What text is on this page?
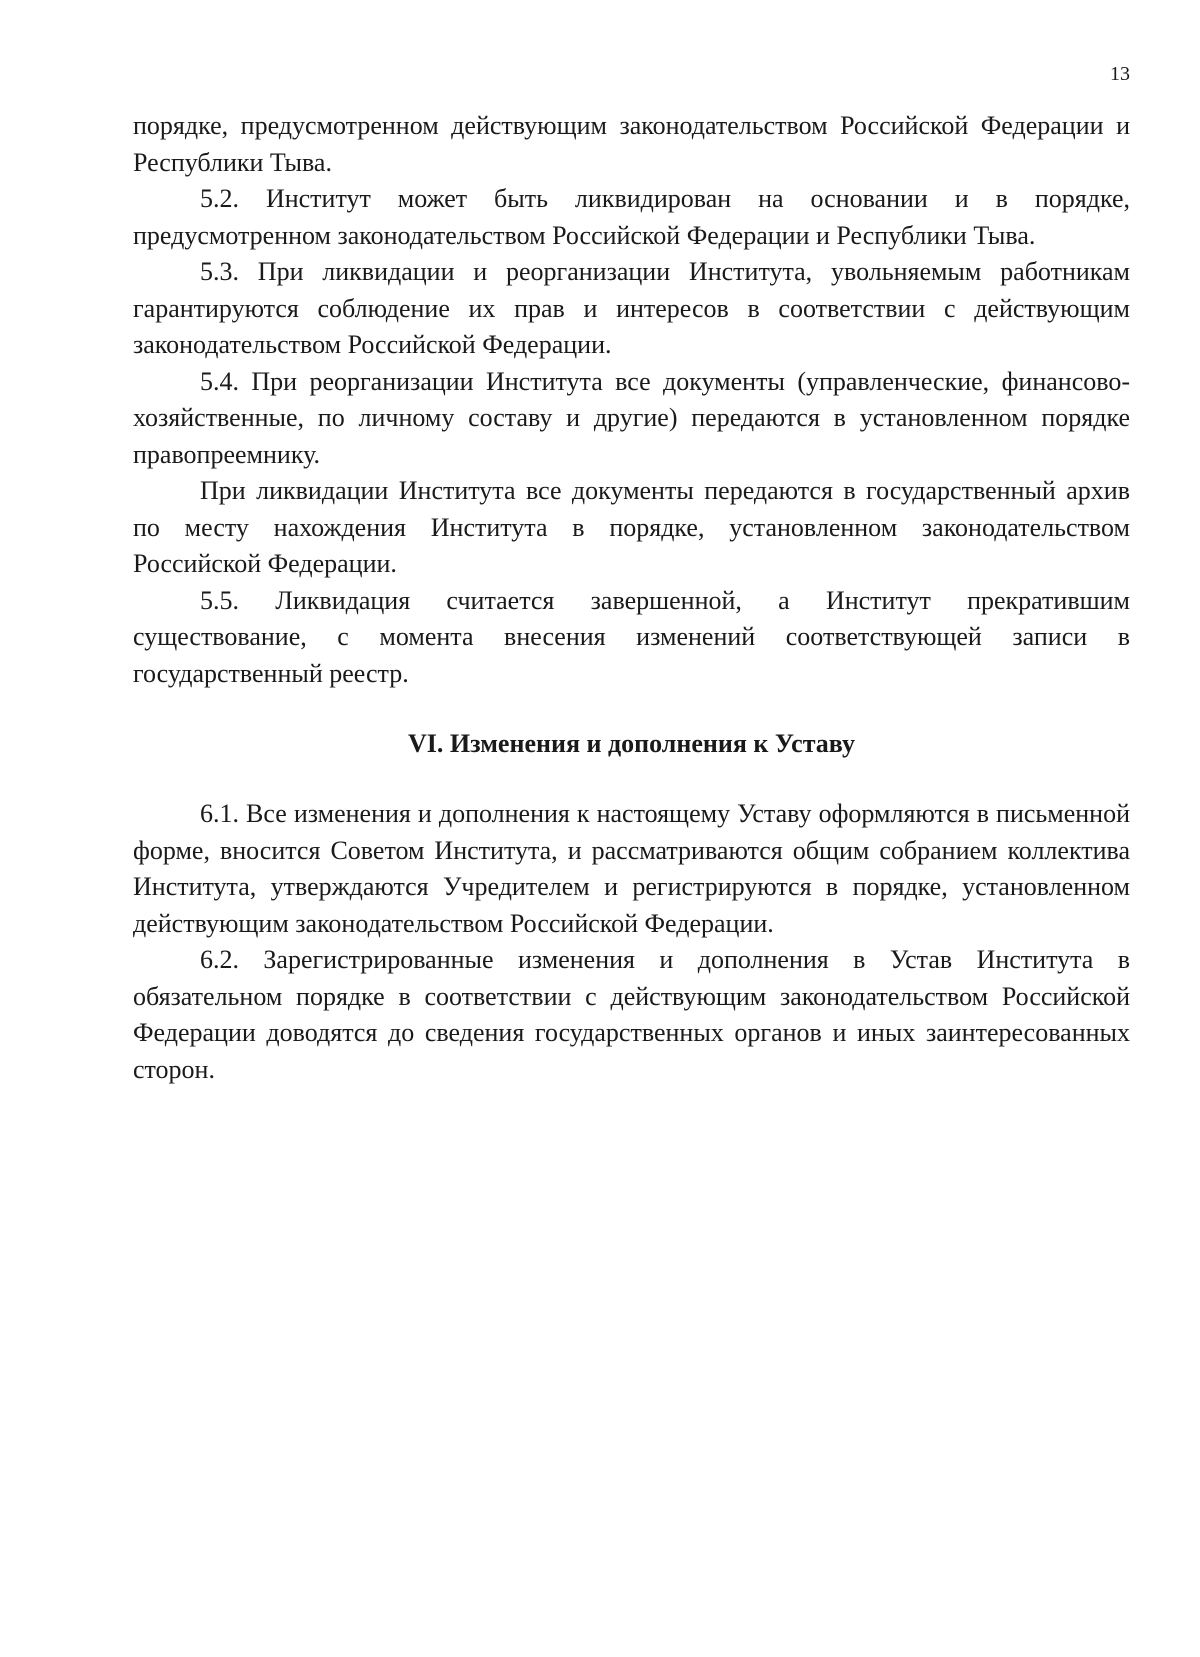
13

порядке, предусмотренном действующим законодательством Российской Федерации и Республики Тыва.

5.2. Институт может быть ликвидирован на основании и в порядке, предусмотренном законодательством Российской Федерации и Республики Тыва.

5.3. При ликвидации и реорганизации Института, увольняемым работникам гарантируются соблюдение их прав и интересов в соответствии с действующим законодательством Российской Федерации.

5.4. При реорганизации Института все документы (управленческие, финансово-хозяйственные, по личному составу и другие) передаются в установленном порядке правопреемнику.

При ликвидации Института все документы передаются в государственный архив по месту нахождения Института в порядке, установленном законодательством Российской Федерации.

5.5. Ликвидация считается завершенной, а Институт прекратившим существование, с момента внесения изменений соответствующей записи в государственный реестр.

VI. Изменения и дополнения к Уставу

6.1. Все изменения и дополнения к настоящему Уставу оформляются в письменной форме, вносится Советом Института, и рассматриваются общим собранием коллектива Института, утверждаются Учредителем и регистрируются в порядке, установленном действующим законодательством Российской Федерации.

6.2. Зарегистрированные изменения и дополнения в Устав Института в обязательном порядке в соответствии с действующим законодательством Российской Федерации доводятся до сведения государственных органов и иных заинтересованных сторон.
